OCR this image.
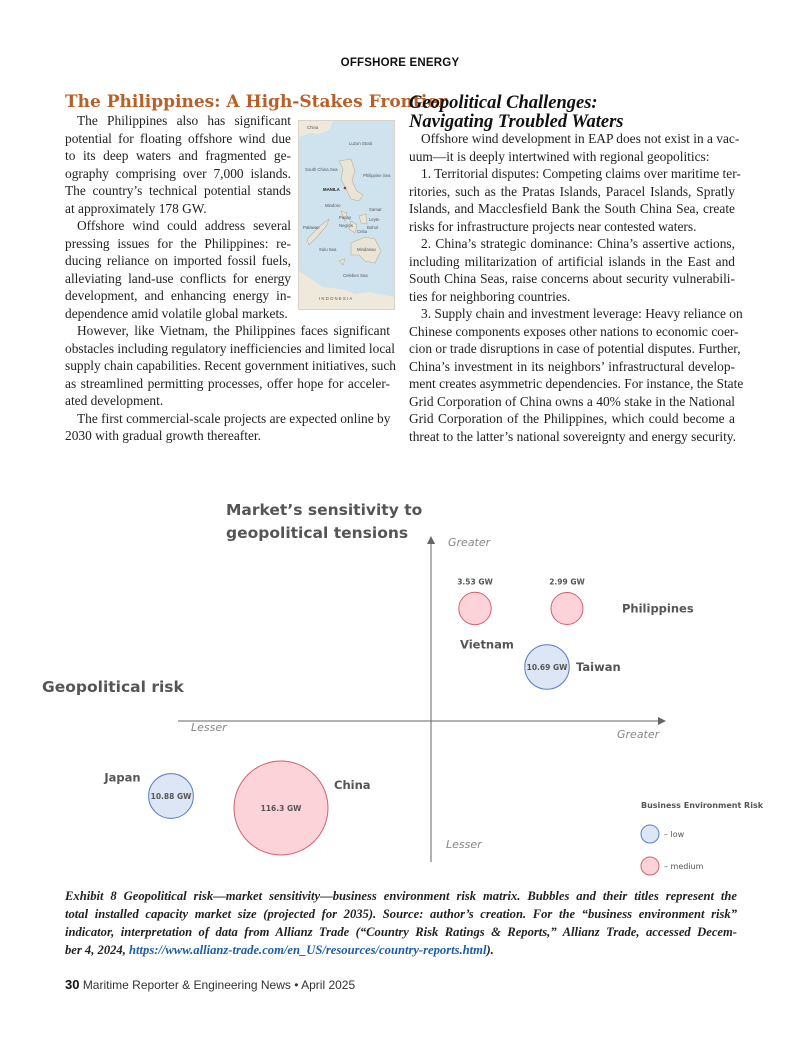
OFFSHORE ENERGY
The Philippines: A High-Stakes Frontier
The Philippines also has significant
potential for floating offshore wind due
to its deep waters and fragmented ge-
ography comprising over 7,000 islands.
The country’s technical potential stands
at approximately 178 GW.
Offshore wind could address several
pressing issues for the Philippines: re-
ducing reliance on imported fossil fuels,
alleviating land-use conflicts for energy
development, and enhancing energy in-
dependence amid volatile global markets.
However, like Vietnam, the Philippines faces significant
obstacles including regulatory inefficiencies and limited local
supply chain capabilities. Recent government initiatives, such
as streamlined permitting processes, offer hope for acceler-
ated development.
The first commercial-scale projects are expected online by
2030 with gradual growth thereafter.
China
Luzon Strait
South China Sea
Philippine Sea
MANILA
Mindoro
Palawan
Panay
Negros
Cebu
Bohol
Leyte
Samar
Mindanao
Sulu Sea
Celebes Sea
INDONESIA
Geopolitical Challenges:
Navigating Troubled Waters
Offshore wind development in EAP does not exist in a vac-
uum—it is deeply intertwined with regional geopolitics:
1. Territorial disputes: Competing claims over maritime ter-
ritories, such as the Pratas Islands, Paracel Islands, Spratly
Islands, and Macclesfield Bank the South China Sea, create
risks for infrastructure projects near contested waters.
2. China’s strategic dominance: China’s assertive actions,
including militarization of artificial islands in the East and
South China Seas, raise concerns about security vulnerabili-
ties for neighboring countries.
3. Supply chain and investment leverage: Heavy reliance on
Chinese components exposes other nations to economic coer-
cion or trade disruptions in case of potential disputes. Further,
China’s investment in its neighbors’ infrastructural develop-
ment creates asymmetric dependencies. For instance, the State
Grid Corporation of China owns a 40% stake in the National
Grid Corporation of the Philippines, which could become a
threat to the latter’s national sovereignty and energy security.
Market’s sensitivity to
geopolitical tensions
Geopolitical risk
Greater
Lesser
Greater
Lesser
3.53 GW
Vietnam
2.99 GW
Philippines
10.69 GW Taiwan
10.88 GW
Japan
116.3 GW
China
Business Environment Risk
– low
– medium
Exhibit 8 Geopolitical risk—market sensitivity—business environment risk matrix. Bubbles and their titles represent the
total installed capacity market size (projected for 2035). Source: author’s creation. For the “business environment risk”
indicator, interpretation of data from Allianz Trade (“Country Risk Ratings & Reports,” Allianz Trade, accessed Decem-
ber 4, 2024, https://www.allianz-trade.com/en_US/resources/country-reports.html).
30 Maritime Reporter & Engineering News • April 2025
